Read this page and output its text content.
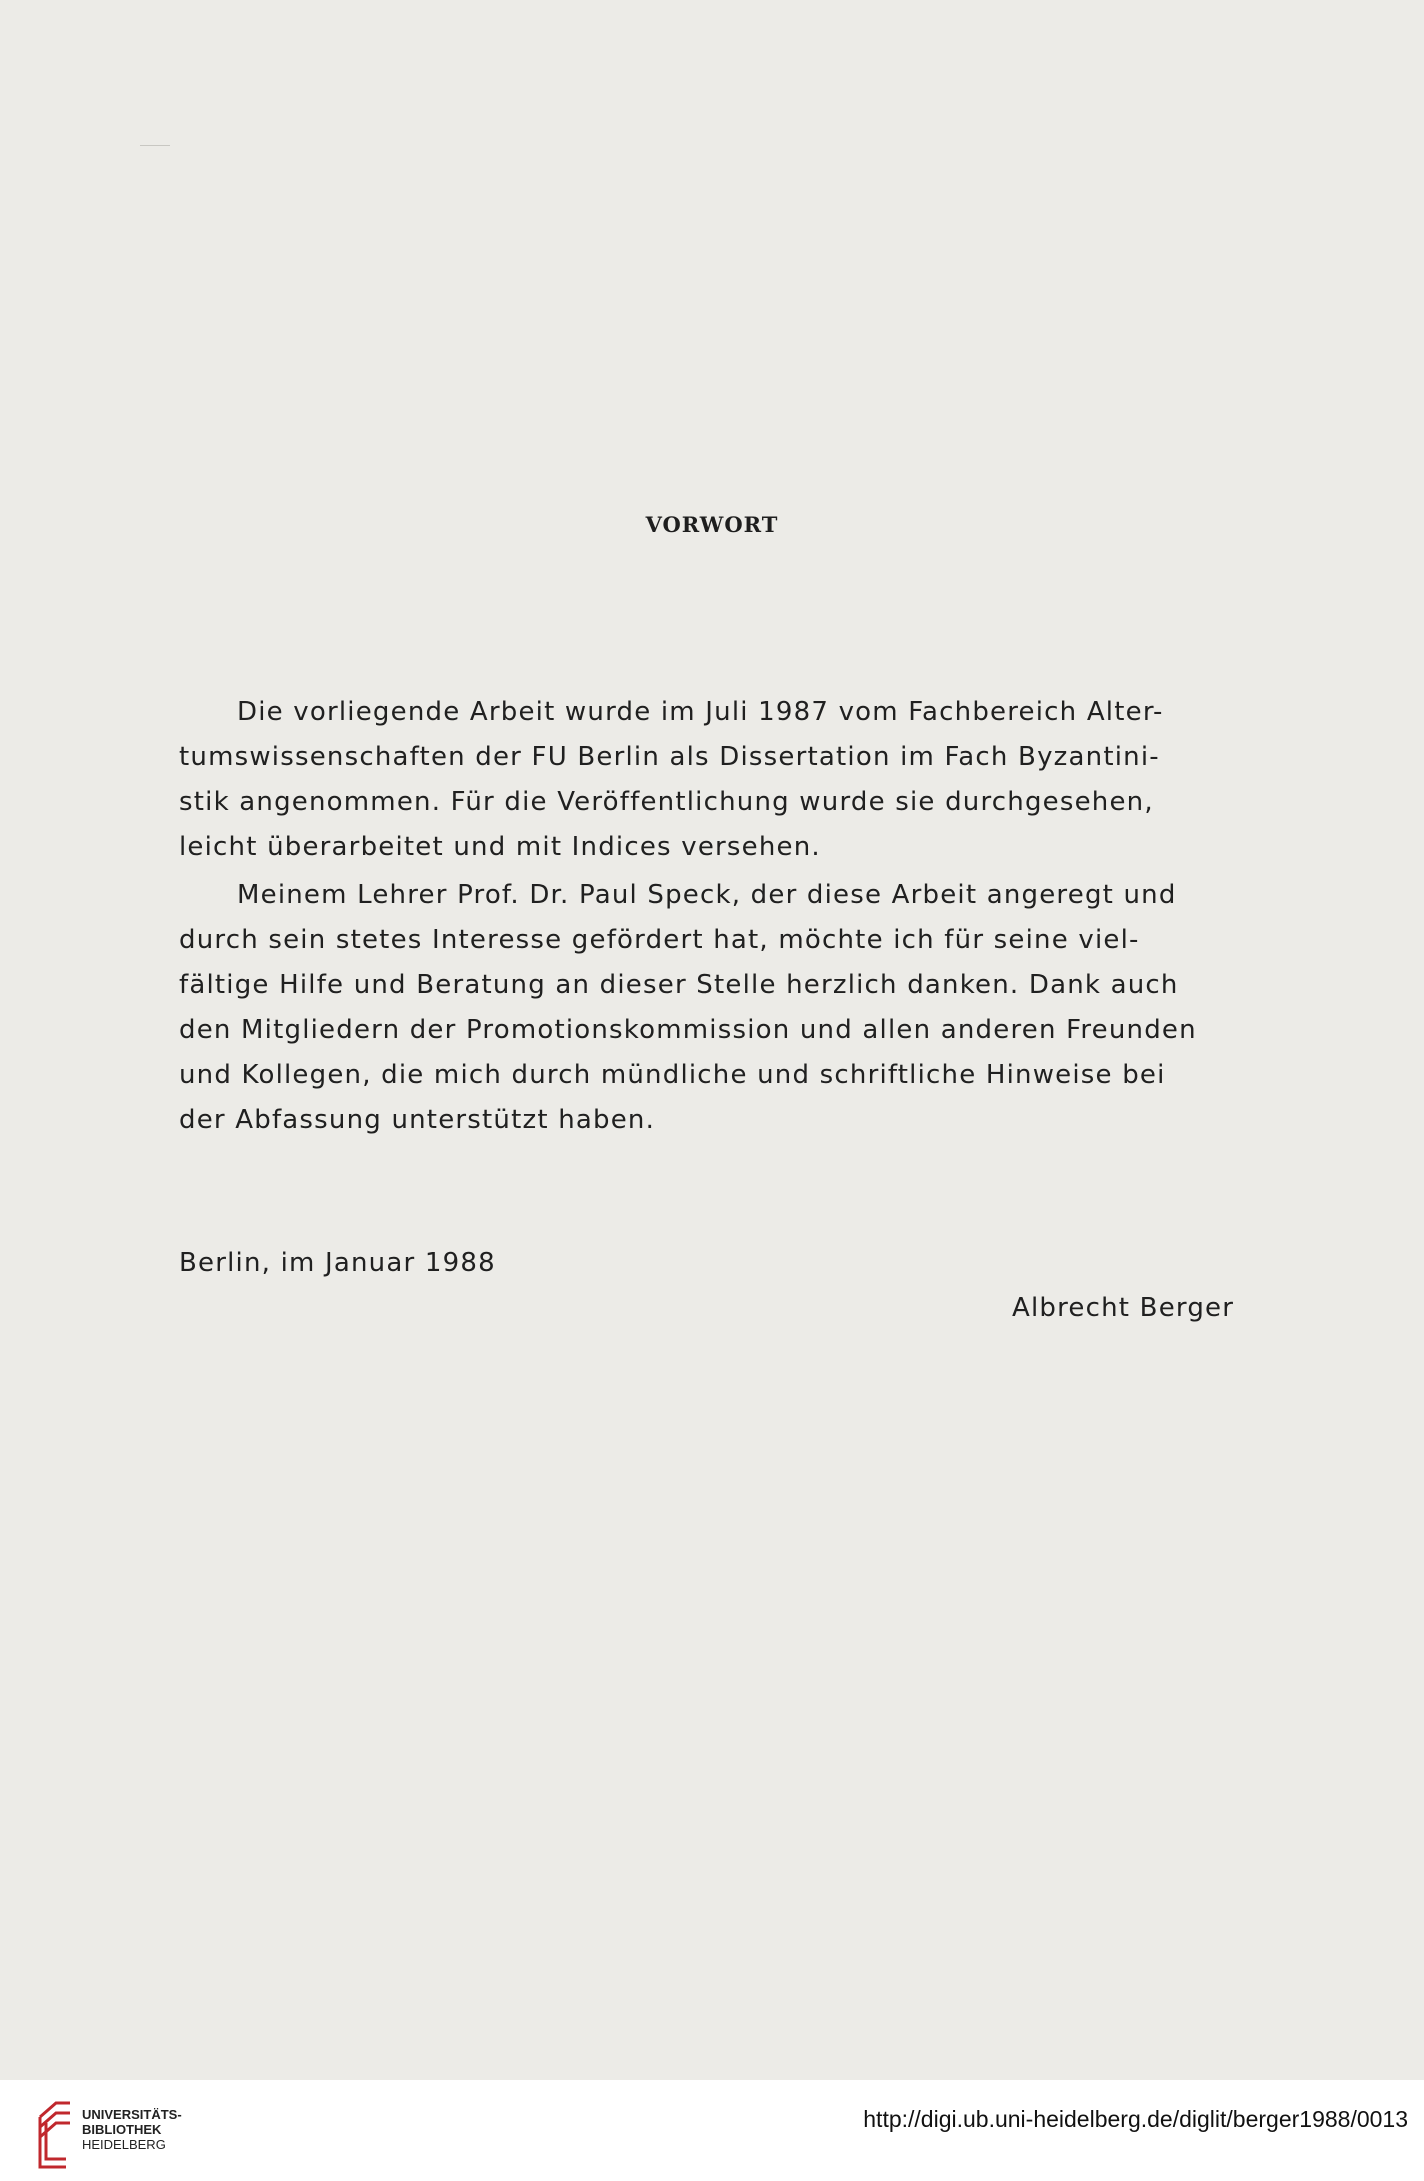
VORWORT
Die vorliegende Arbeit wurde im Juli 1987 vom Fachbereich Alter-
tumswissenschaften der FU Berlin als Dissertation im Fach Byzantini-
stik angenommen. Für die Veröffentlichung wurde sie durchgesehen,
leicht überarbeitet und mit Indices versehen.
Meinem Lehrer Prof. Dr. Paul Speck, der diese Arbeit angeregt und
durch sein stetes Interesse gefördert hat, möchte ich für seine viel-
fältige Hilfe und Beratung an dieser Stelle herzlich danken. Dank auch
den Mitgliedern der Promotionskommission und allen anderen Freunden
und Kollegen, die mich durch mündliche und schriftliche Hinweise bei
der Abfassung unterstützt haben.
Berlin, im Januar 1988
Albrecht Berger
UNIVERSITÄTS-
BIBLIOTHEK
HEIDELBERG
http://digi.ub.uni-heidelberg.de/diglit/berger1988/0013
